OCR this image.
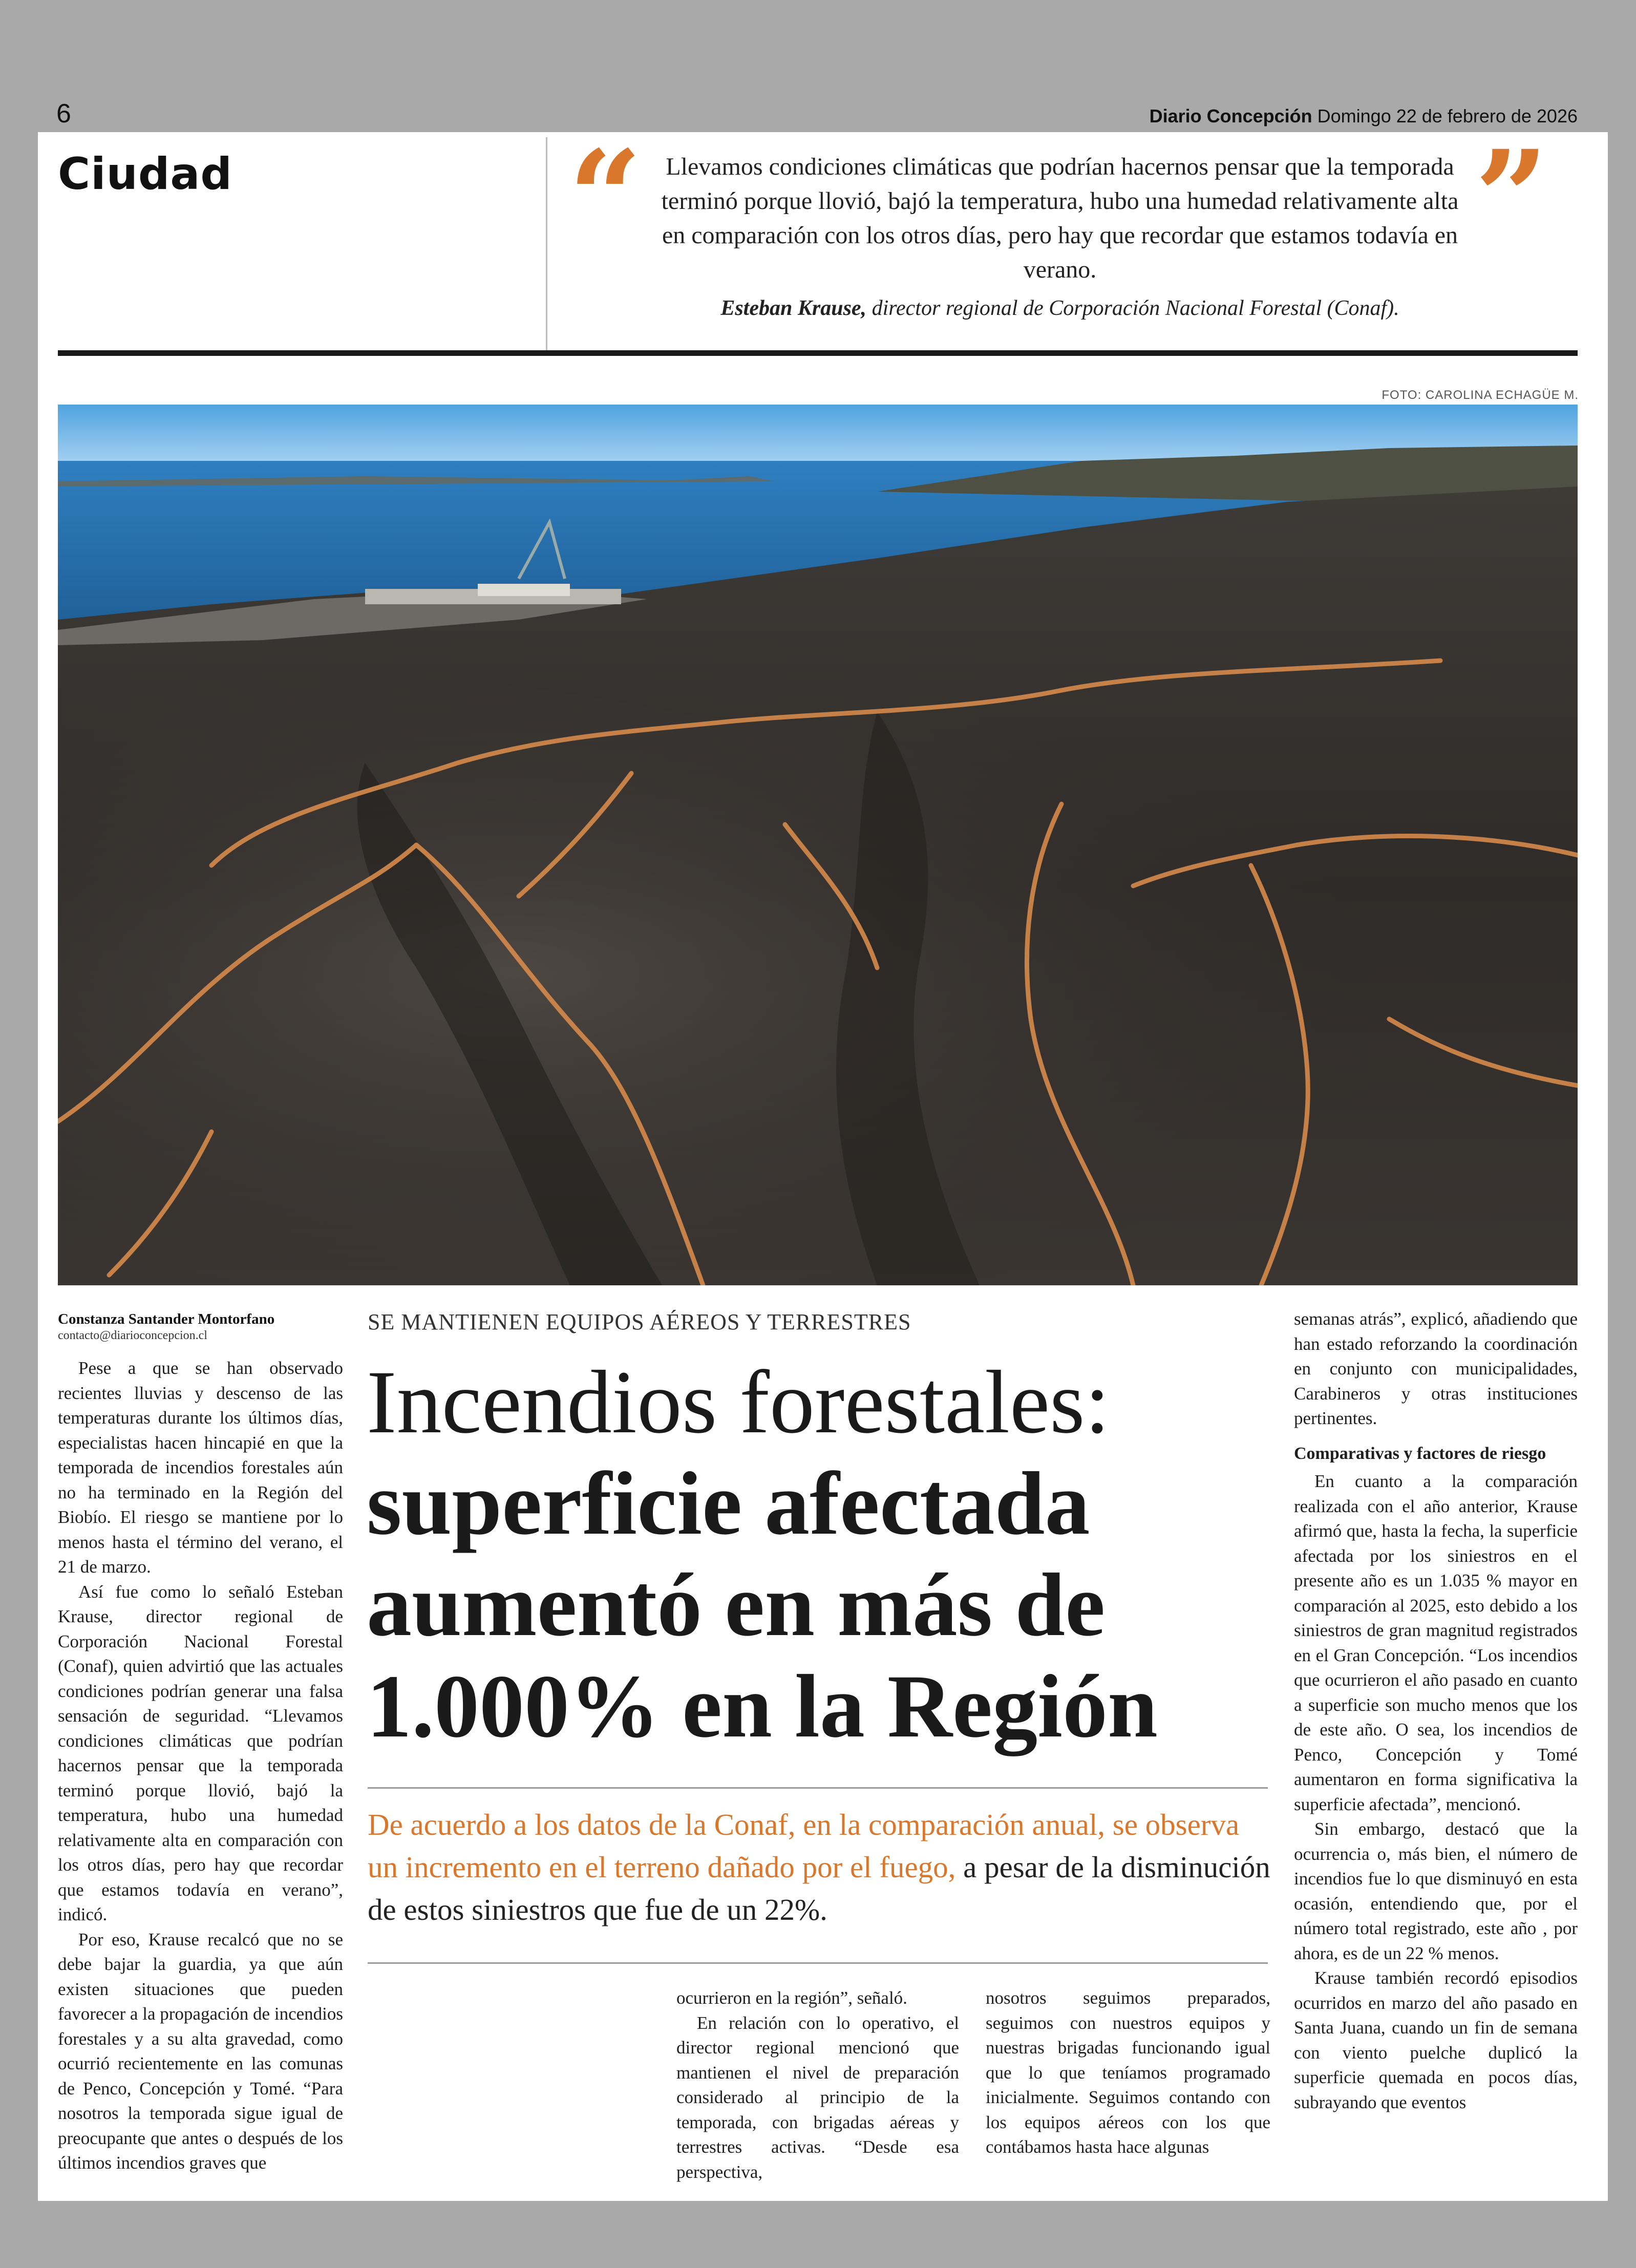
6	Diario Concepción Domingo 22 de febrero de 2026
Ciudad	“ Llevamos condiciones climáticas que podrían hacernos pensar que la temporada terminó porque llovió, bajó la temperatura, hubo una humedad relativamente alta en comparación con los otros días, pero hay que recordar que estamos todavía en verano.	”
Esteban Krause, director regional de Corporación Nacional Forestal (Conaf).
FOTO: CAROLINA ECHAGÜE M.
Constanza Santander Montorfano
contacto@diarioconcepcion.cl

Pese a que se han observado recientes lluvias y descenso de las temperaturas durante los últimos días, especialistas hacen hincapié en que la temporada de incendios forestales aún no ha terminado en la Región del Biobío. El riesgo se mantiene por lo menos hasta el término del verano, el 21 de marzo.

Así fue como lo señaló Esteban Krause, director regional de Corporación Nacional Forestal (Conaf), quien advirtió que las actuales condiciones podrían generar una falsa sensación de seguridad. “Llevamos condiciones climáticas que podrían hacernos pensar que la temporada terminó porque llovió, bajó la temperatura, hubo una humedad relativamente alta en comparación con los otros días, pero hay que recordar que estamos todavía en verano”, indicó.

Por eso, Krause recalcó que no se debe bajar la guardia, ya que aún existen situaciones que pueden favorecer a la propagación de incendios forestales y a su alta gravedad, como ocurrió recientemente en las comunas de Penco, Concepción y Tomé. “Para nosotros la temporada sigue igual de preocupante que antes o después de los últimos incendios graves que

SE MANTIENEN EQUIPOS AÉREOS Y TERRESTRES
Incendios forestales:
superficie afectada
aumentó en más de
1.000% en la Región
De acuerdo a los datos de la Conaf, en la comparación anual, se observa un incremento en el terreno dañado por el fuego, a pesar de la disminución de estos siniestros que fue de un 22%.

ocurrieron en la región”, señaló.

En relación con lo operativo, el director regional mencionó que mantienen el nivel de preparación considerado al principio de la temporada, con brigadas aéreas y terrestres activas. “Desde esa perspectiva,

nosotros seguimos preparados, seguimos con nuestros equipos y nuestras brigadas funcionando igual que lo que teníamos programado inicialmente. Seguimos contando con los equipos aéreos con los que contábamos hasta hace algunas

semanas atrás”, explicó, añadiendo que han estado reforzando la coordinación en conjunto con municipalidades, Carabineros y otras instituciones pertinentes.

Comparativas y factores de riesgo

En cuanto a la comparación realizada con el año anterior, Krause afirmó que, hasta la fecha, la superficie afectada por los siniestros en el presente año es un 1.035 % mayor en comparación al 2025, esto debido a los siniestros de gran magnitud registrados en el Gran Concepción. “Los incendios que ocurrieron el año pasado en cuanto a superficie son mucho menos que los de este año. O sea, los incendios de Penco, Concepción y Tomé aumentaron en forma significativa la superficie afectada”, mencionó.

Sin embargo, destacó que la ocurrencia o, más bien, el número de incendios fue lo que disminuyó en esta ocasión, entendiendo que, por el número total registrado, este año , por ahora, es de un 22 % menos.

Krause también recordó episodios ocurridos en marzo del año pasado en Santa Juana, cuando un fin de semana con viento puelche duplicó la superficie quemada en pocos días, subrayando que eventos
